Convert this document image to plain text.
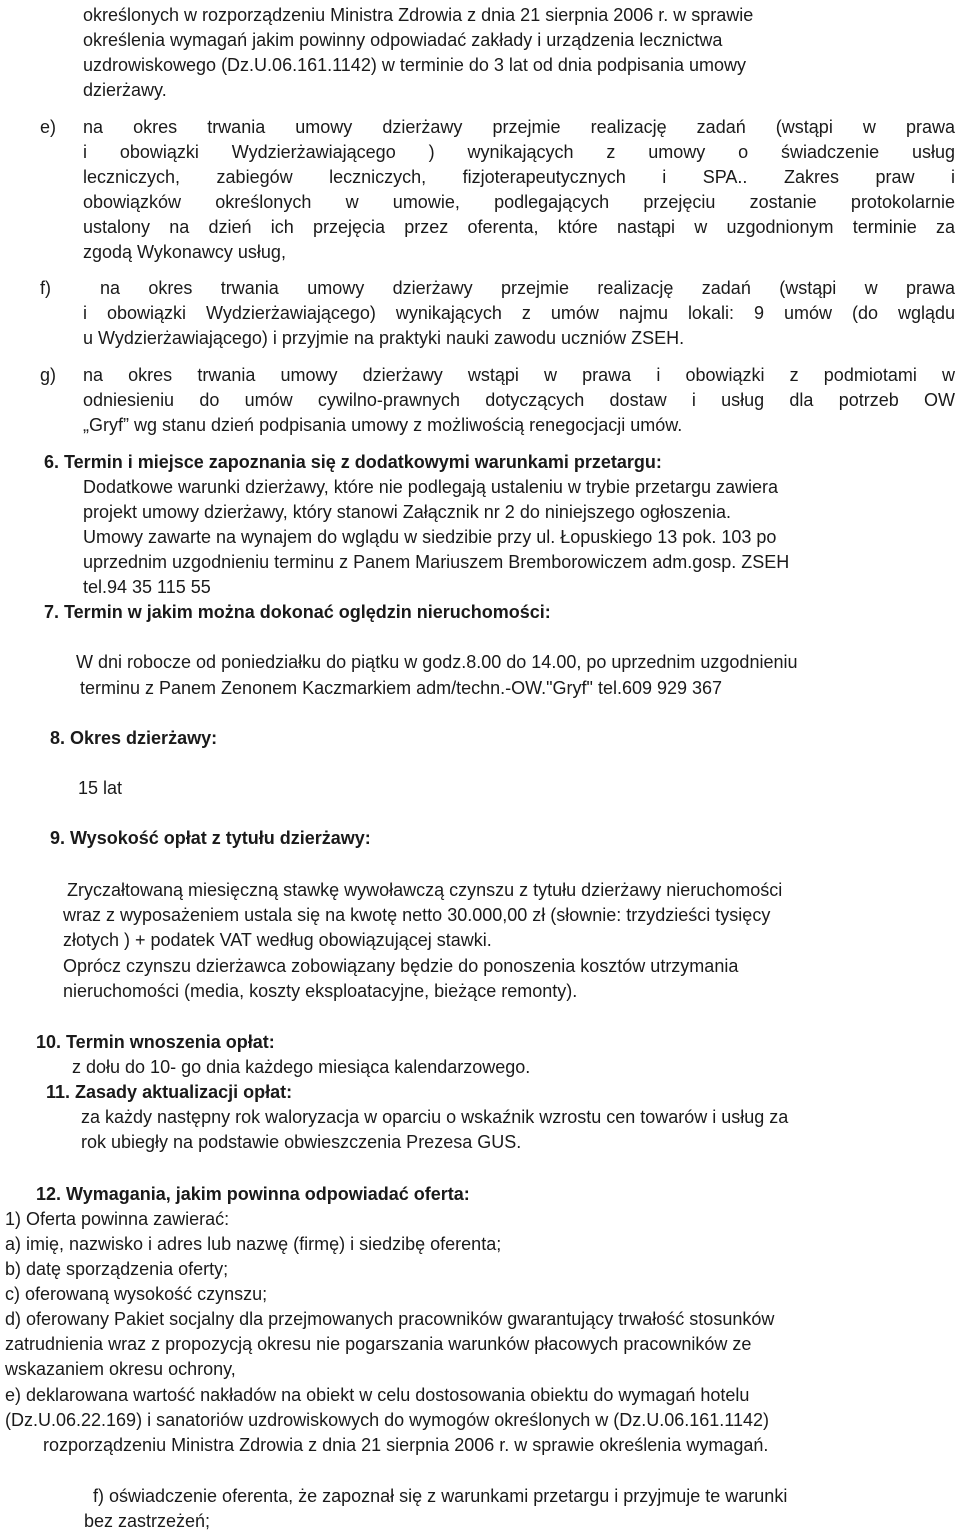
określonych w rozporządzeniu Ministra Zdrowia z dnia 21 sierpnia 2006 r. w sprawie
określenia wymagań jakim powinny odpowiadać zakłady i urządzenia lecznictwa
uzdrowiskowego (Dz.U.06.161.1142) w terminie do 3 lat od dnia podpisania umowy
dzierżawy.
e) na okres trwania umowy dzierżawy przejmie realizację zadań (wstąpi w prawa
i obowiązki Wydzierżawiającego ) wynikających z umowy o świadczenie usług
leczniczych, zabiegów leczniczych, fizjoterapeutycznych i SPA.. Zakres praw i
obowiązków określonych w umowie, podlegających przejęciu zostanie protokolarnie
ustalony na dzień ich przejęcia przez oferenta, które nastąpi w uzgodnionym terminie za
zgodą Wykonawcy usług,
f)	na okres trwania umowy dzierżawy przejmie realizację zadań (wstąpi w prawa
i obowiązki Wydzierżawiającego) wynikających z umów najmu lokali: 9 umów (do wglądu
u Wydzierżawiającego) i przyjmie na praktyki nauki zawodu uczniów ZSEH.
g) na okres trwania umowy dzierżawy wstąpi w prawa i obowiązki z podmiotami w
odniesieniu do umów cywilno-prawnych dotyczących dostaw i usług dla potrzeb OW
„Gryf” wg stanu dzień podpisania umowy z możliwością renegocjacji umów.
6. Termin i miejsce zapoznania się z dodatkowymi warunkami przetargu:
Dodatkowe warunki dzierżawy, które nie podlegają ustaleniu w trybie przetargu zawiera
projekt umowy dzierżawy, który stanowi Załącznik nr 2 do niniejszego ogłoszenia.
Umowy zawarte na wynajem do wglądu w siedzibie przy ul. Łopuskiego 13 pok. 103 po
uprzednim uzgodnieniu terminu z Panem Mariuszem Bremborowiczem adm.gosp. ZSEH
tel.94 35 115 55
7. Termin w jakim można dokonać oględzin nieruchomości:
W dni robocze od poniedziałku do piątku w godz.8.00 do 14.00, po uprzednim uzgodnieniu
terminu z Panem Zenonem Kaczmarkiem adm/techn.-OW."Gryf" tel.609 929 367
8. Okres dzierżawy:
15 lat
9. Wysokość opłat z tytułu dzierżawy:
Zryczałtowaną miesięczną stawkę wywoławczą czynszu z tytułu dzierżawy nieruchomości
wraz z wyposażeniem ustala się na kwotę netto 30.000,00 zł (słownie: trzydzieści tysięcy
złotych ) + podatek VAT według obowiązującej stawki.
Oprócz czynszu dzierżawca zobowiązany będzie do ponoszenia kosztów utrzymania
nieruchomości (media, koszty eksploatacyjne, bieżące remonty).
10. Termin wnoszenia opłat:
z dołu do 10- go dnia każdego miesiąca kalendarzowego.
11. Zasady aktualizacji opłat:
za każdy następny rok waloryzacja w oparciu o wskaźnik wzrostu cen towarów i usług za
rok ubiegły na podstawie obwieszczenia Prezesa GUS.
12. Wymagania, jakim powinna odpowiadać oferta:
1) Oferta powinna zawierać:
a) imię, nazwisko i adres lub nazwę (firmę) i siedzibę oferenta;
b) datę sporządzenia oferty;
c) oferowaną wysokość czynszu;
d) oferowany Pakiet socjalny dla przejmowanych pracowników gwarantujący trwałość stosunków
zatrudnienia wraz z propozycją okresu nie pogarszania warunków płacowych pracowników ze
wskazaniem okresu ochrony,
e) deklarowana wartość nakładów na obiekt w celu dostosowania obiektu do wymagań hotelu
(Dz.U.06.22.169) i sanatoriów uzdrowiskowych do wymogów określonych w (Dz.U.06.161.1142)
rozporządzeniu Ministra Zdrowia z dnia 21 sierpnia 2006 r. w sprawie określenia wymagań.
f) oświadczenie oferenta, że zapoznał się z warunkami przetargu i przyjmuje te warunki
bez zastrzeżeń;
